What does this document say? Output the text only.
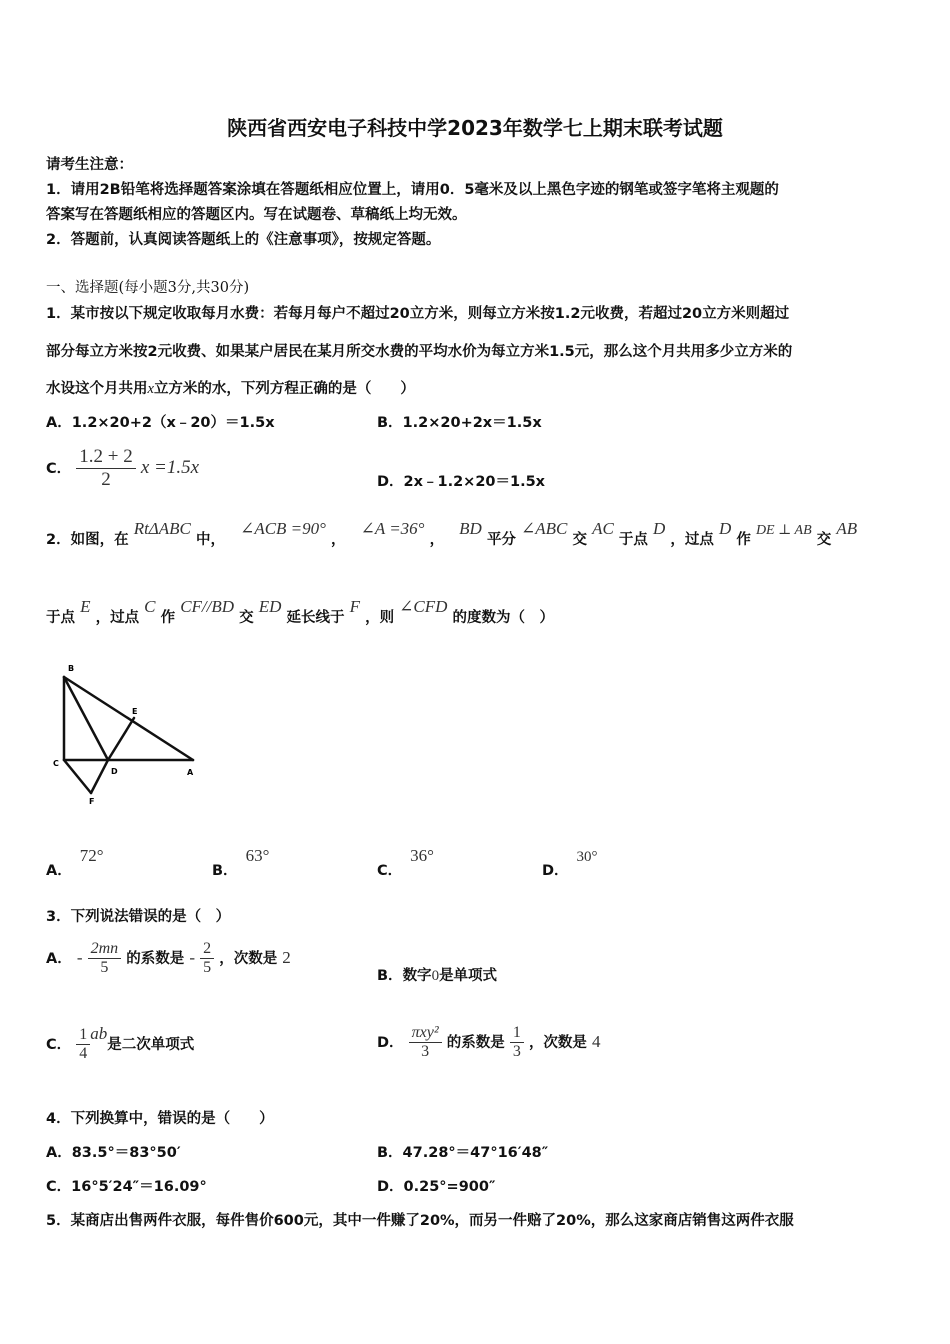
陕西省西安电子科技中学2023年数学七上期末联考试题
请考生注意：
1．请用2B铅笔将选择题答案涂填在答题纸相应位置上，请用0．5毫米及以上黑色字迹的钢笔或签字笔将主观题的
答案写在答题纸相应的答题区内。写在试题卷、草稿纸上均无效。
2．答题前，认真阅读答题纸上的《注意事项》，按规定答题。
一、选择题(每小题3分,共30分)
1．某市按以下规定收取每月水费：若每月每户不超过20立方米，则每立方米按1.2元收费，若超过20立方米则超过
部分每立方米按2元收费、如果某户居民在某月所交水费的平均水价为每立方米1.5元，那么这个月共用多少立方米的
水设这个月共用x立方米的水，下列方程正确的是（　　）
A．1.2×20+2（x﹣20）＝1.5x	B．1.2×20+2x＝1.5x
C． $\frac{1.2 + 2}{2}$ x =1.5x
D．2x﹣1.2×20＝1.5x
2．如图，在 RtΔABC 中， ∠ACB =90° ， ∠A =36° ， BD 平分 ∠ABC 交 AC 于点 D ，过点 D 作 DE ⊥ AB 交 AB
于点 E ，过点 C 作 CF//BD 交 ED 延长线于 F ，则 ∠CFD 的度数为（　）
B
E
C
D	A
F
A．72°
B．63°
C．36°
D．30°
3．下列说法错误的是（　）
A． - $\frac{2mn}{5}$ 的系数是 - $\frac{2}{5}$ ，次数是 2
B．数字0是单项式
C． $\frac{1}{4}$ ab是二次单项式	D． $\frac{\text{πxy²}}{3}$ 的系数是 $\frac{1}{3}$ ，次数是 4
4．下列换算中，错误的是（　　）
A．83.5°＝83°50′	B．47.28°＝47°16′48″
C．16°5′24″＝16.09°	D．0.25°=900″
5．某商店出售两件衣服，每件售价600元，其中一件赚了20%，而另一件赔了20%，那么这家商店销售这两件衣服
